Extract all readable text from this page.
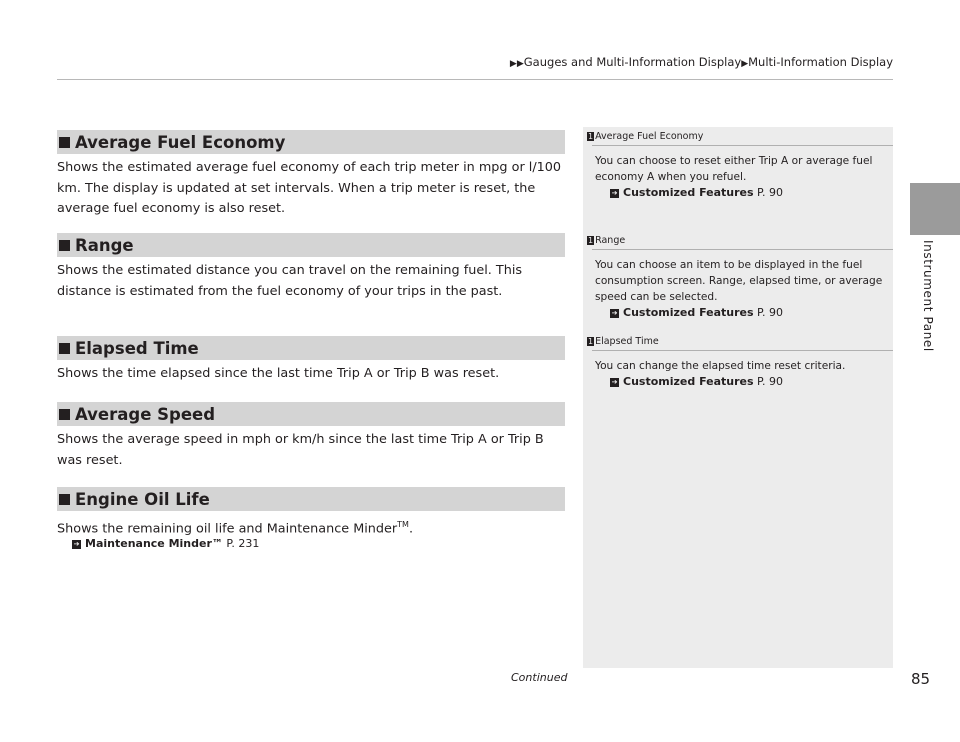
▶▶Gauges and Multi-Information Display▶Multi-Information Display
Instrument Panel
Average Fuel Economy

Shows the estimated average fuel economy of each trip meter in mpg or l/100 km. The display is updated at set intervals. When a trip meter is reset, the average fuel economy is also reset.

Range

Shows the estimated distance you can travel on the remaining fuel. This distance is estimated from the fuel economy of your trips in the past.

Elapsed Time

Shows the time elapsed since the last time Trip A or Trip B was reset.

Average Speed

Shows the average speed in mph or km/h since the last time Trip A or Trip B was reset.

Engine Oil Life

Shows the remaining oil life and Maintenance Minder™.

➔ Maintenance Minder™ P. 231
1 Average Fuel Economy
You can choose to reset either Trip A or average fuel economy A when you refuel.
➔ Customized Features P. 90
1 Range
You can choose an item to be displayed in the fuel consumption screen. Range, elapsed time, or average speed can be selected.
➔ Customized Features P. 90
1 Elapsed Time
You can change the elapsed time reset criteria.
➔ Customized Features P. 90
Continued	85
